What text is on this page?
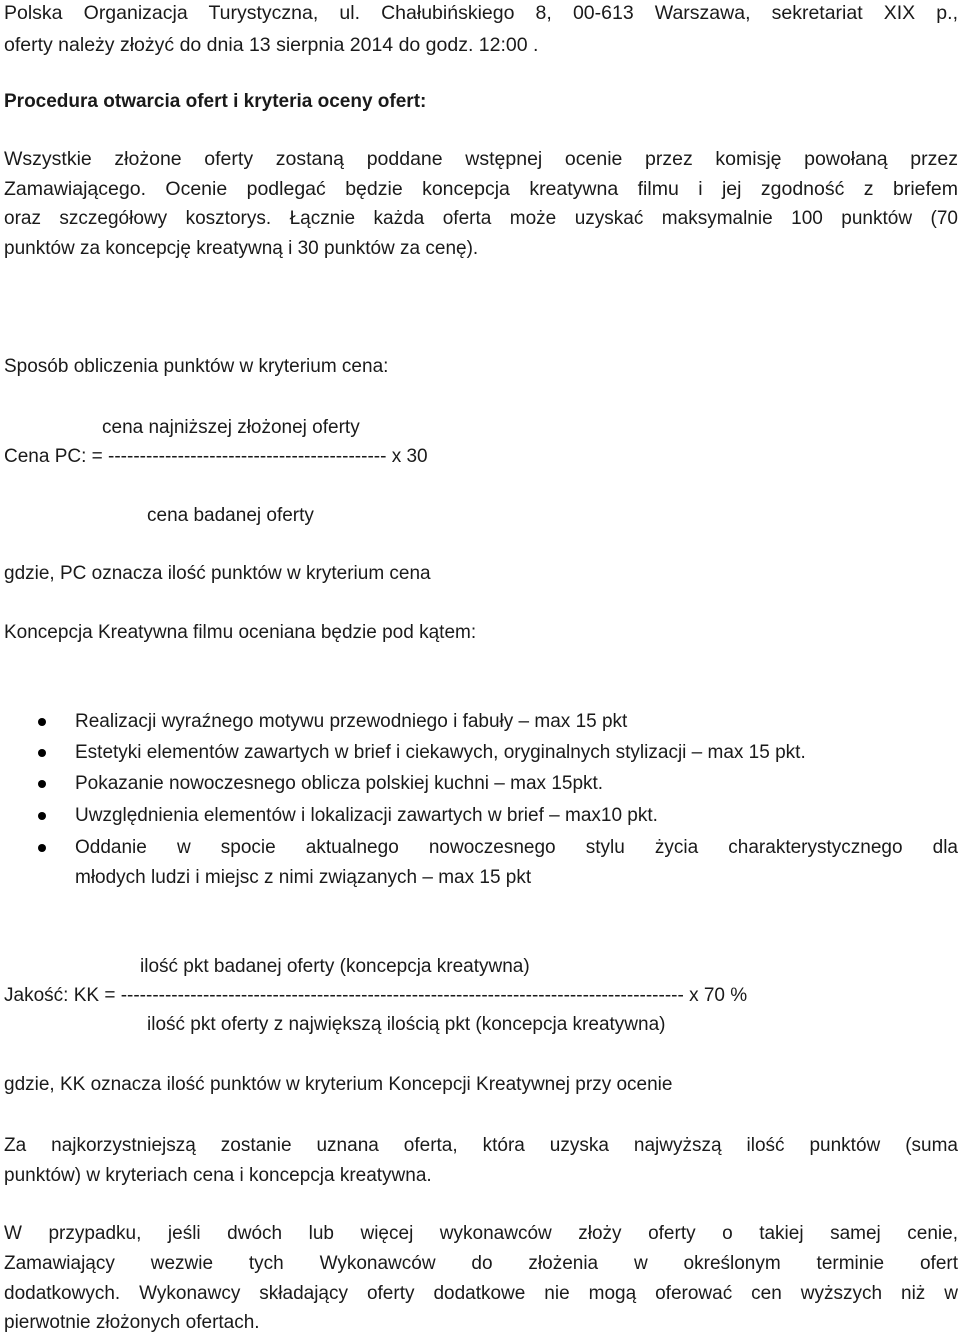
Polska Organizacja Turystyczna, ul. Chałubińskiego 8, 00-613 Warszawa, sekretariat XIX p.,
oferty należy złożyć do dnia 13 sierpnia 2014 do godz. 12:00 .
Procedura otwarcia ofert i kryteria oceny ofert:
Wszystkie złożone oferty zostaną poddane wstępnej ocenie przez komisję powołaną przez
Zamawiającego. Ocenie podlegać będzie koncepcja kreatywna filmu i jej zgodność z briefem
oraz szczegółowy kosztorys. Łącznie każda oferta może uzyskać maksymalnie 100 punktów (70
punktów za koncepcję kreatywną i 30 punktów za cenę).
Sposób obliczenia punktów w kryterium cena:
cena najniższej złożonej oferty
Cena PC: = -------------------------------------------- x 30
cena badanej oferty
gdzie, PC oznacza ilość punktów w kryterium cena
Koncepcja Kreatywna filmu oceniana będzie pod kątem:
Realizacji wyraźnego motywu przewodniego i fabuły – max 15 pkt
Estetyki elementów zawartych w brief i ciekawych, oryginalnych stylizacji – max 15 pkt.
Pokazanie nowoczesnego oblicza polskiej kuchni – max 15pkt.
Uwzględnienia elementów i lokalizacji zawartych w brief – max10 pkt.
Oddanie w spocie aktualnego nowoczesnego stylu życia charakterystycznego dla
młodych ludzi i miejsc z nimi związanych – max 15 pkt
ilość pkt badanej oferty (koncepcja kreatywna)
Jakość: KK = ----------------------------------------------------------------------------------------- x 70 %
ilość pkt oferty z największą ilością pkt (koncepcja kreatywna)
gdzie, KK oznacza ilość punktów w kryterium Koncepcji Kreatywnej przy ocenie
Za najkorzystniejszą zostanie uznana oferta, która uzyska najwyższą ilość punktów (suma
punktów) w kryteriach cena i koncepcja kreatywna.
W przypadku, jeśli dwóch lub więcej wykonawców złoży oferty o takiej samej cenie,
Zamawiający wezwie tych Wykonawców do złożenia w określonym terminie ofert
dodatkowych. Wykonawcy składający oferty dodatkowe nie mogą oferować cen wyższych niż w
pierwotnie złożonych ofertach.
